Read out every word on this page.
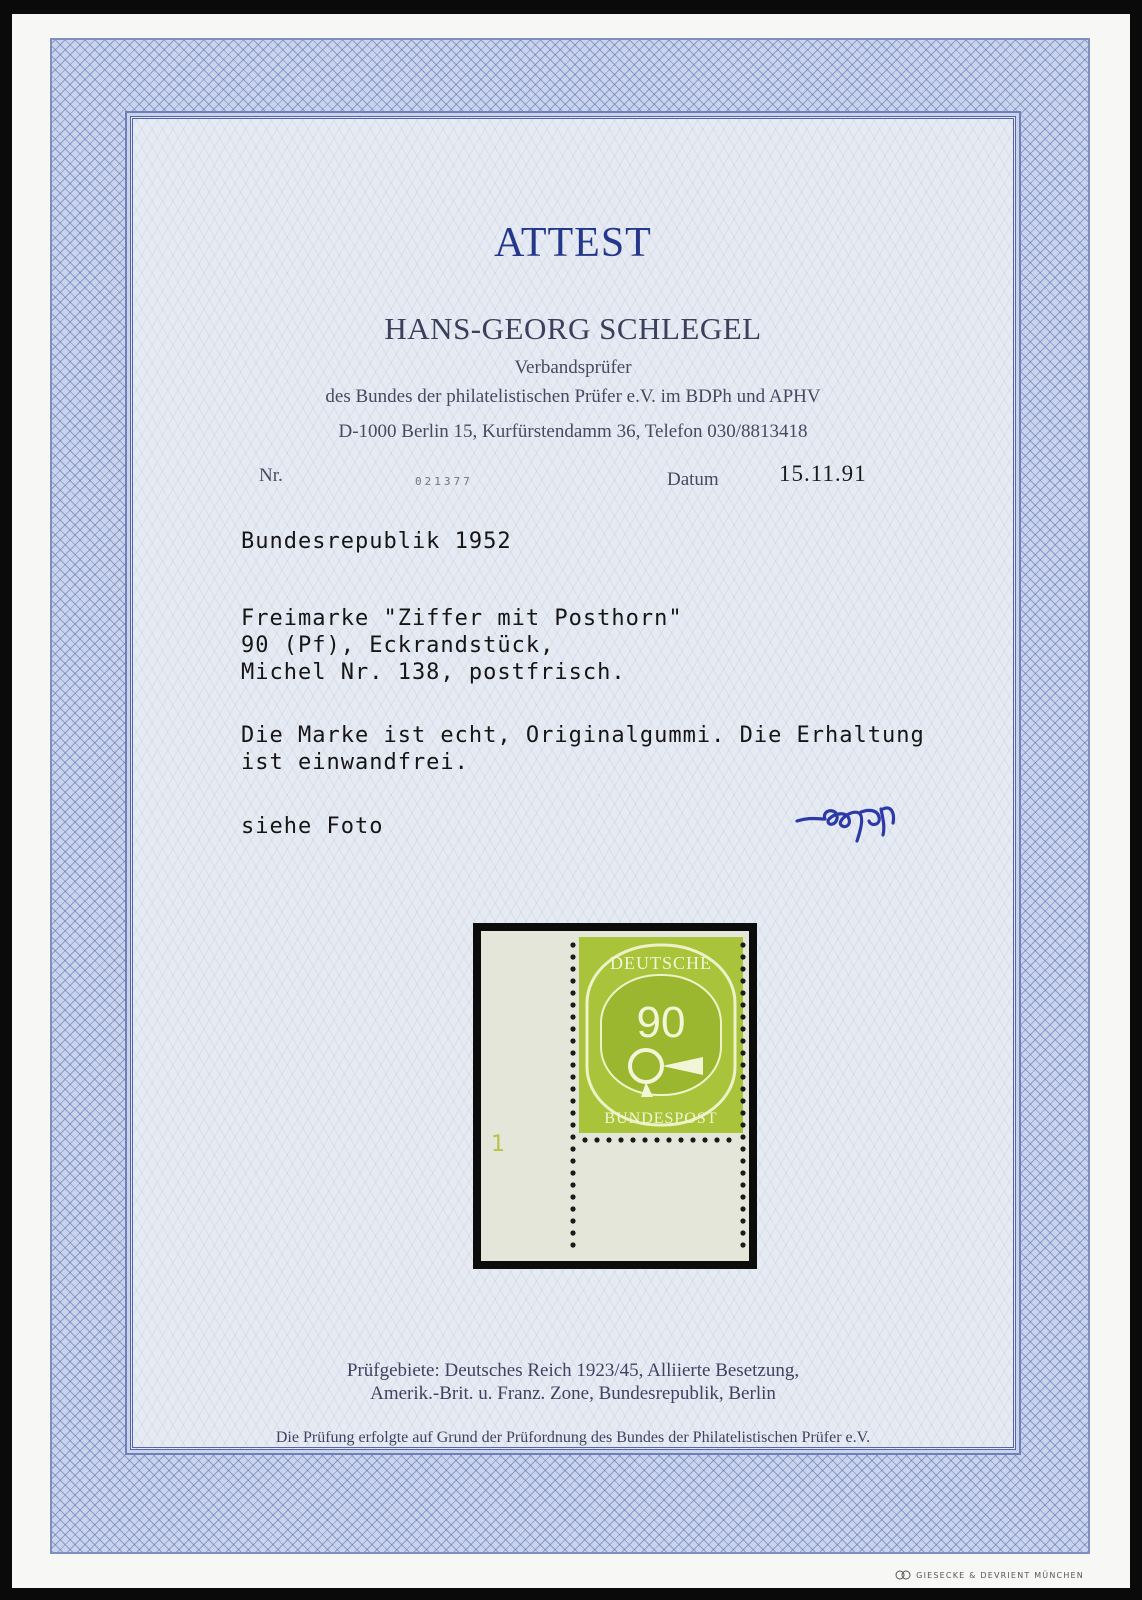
ATTEST
HANS-GEORG SCHLEGEL
Verbandsprüfer
des Bundes der philatelistischen Prüfer e.V. im BDPh und APHV
D-1000 Berlin 15, Kurfürstendamm 36, Telefon 030/8813418
Nr.	021377	Datum	15.11.91
Bundesrepublik 1952
Freimarke "Ziffer mit Posthorn"
90 (Pf), Eckrandstück,
Michel Nr. 138, postfrisch.
Die Marke ist echt, Originalgummi. Die Erhaltung
ist einwandfrei.
siehe Foto
1
DEUTSCHE
90
BUNDESPOST
Prüfgebiete: Deutsches Reich 1923/45, Alliierte Besetzung,
Amerik.-Brit. u. Franz. Zone, Bundesrepublik, Berlin
Die Prüfung erfolgte auf Grund der Prüfordnung des Bundes der Philatelistischen Prüfer e.V.
GIESECKE & DEVRIENT MÜNCHEN
